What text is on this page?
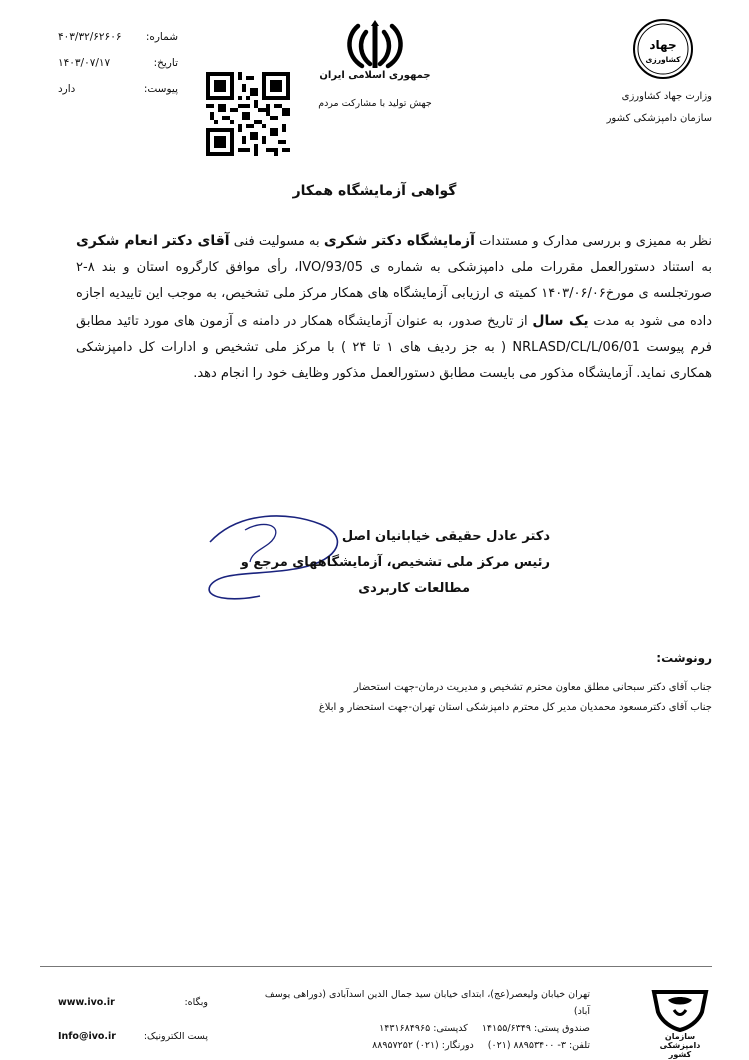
شماره:
۴۰۳/۳۲/۶۲۶۰۶
تاریخ:
۱۴۰۳/۰۷/۱۷
پیوست:
دارد
جمهوری اسلامی ایران
جهش تولید با مشارکت مردم
جهاد
کشاورزی
وزارت جهاد کشاورزی
سازمان دامپزشکی کشور
گواهی آزمایشگاه همکار
نظر به ممیزی و بررسی مدارک و مستندات آزمایشگاه دکتر شکری به مسولیت فنی آقای دکتر انعام شکری به استناد دستورالعمل مقررات ملی دامپزشکی به شماره ی IVO/93/05، رأی موافق کارگروه استان و بند ۸-۲ صورتجلسه ی مورخ۱۴۰۳/۰۶/۰۶ کمیته ی ارزیابی آزمایشگاه های همکار مرکز ملی تشخیص، به موجب این تاییدیه اجازه داده می شود به مدت یک سال از تاریخ صدور، به عنوان آزمایشگاه همکار در دامنه ی آزمون های مورد تائید مطابق فرم پیوست NRLASD/CL/L/06/01 ( به جز ردیف های ۱ تا ۲۴ ) با مرکز ملی تشخیص و ادارات کل دامپزشکی همکاری نماید. آزمایشگاه مذکور می بایست مطابق دستورالعمل مذکور وظایف خود را انجام دهد.
دکتر عادل حقیقی خیابانیان اصل
رئیس مرکز ملی تشخیص، آزمایشگاههای مرجع و
مطالعات کاربردی
رونوشت:
جناب آقای دکتر سبحانی مطلق معاون محترم تشخیص و مدیریت درمان-جهت استحضار
جناب آقای دکترمسعود محمدیان مدیر کل محترم دامپزشکی استان تهران-جهت استحضار و ابلاغ
تهران خیابان ولیعصر(عج)، ابتدای خیابان سید جمال الدین اسدآبادی (دوراهی یوسف آباد)
صندوق پستی: ۱۴۱۵۵/۶۳۴۹
کدپستی: ۱۴۳۱۶۸۴۹۶۵
تلفن: ۳- ۸۸۹۵۳۴۰۰ (۰۲۱)
دورنگار: (۰۲۱) ۸۸۹۵۷۲۵۲
وبگاه:
www.ivo.ir
پست الکترونیک:
Info@ivo.ir	سازمان دامپزشکی کشور
